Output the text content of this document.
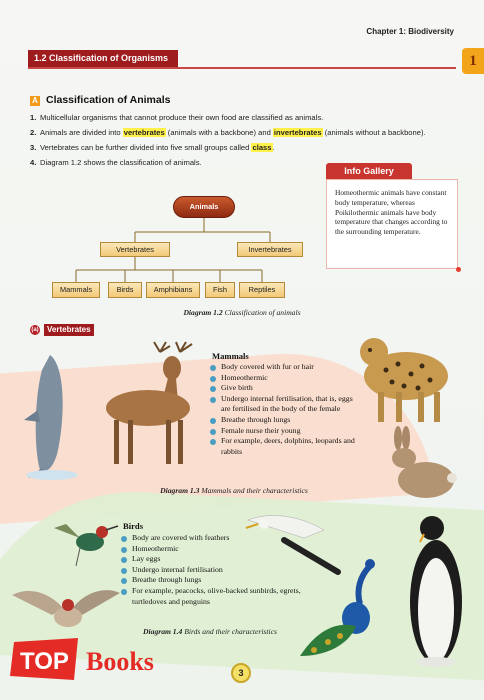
Chapter 1: Biodiversity
1
1.2 Classification of Organisms
A Classification of Animals
1. Multicellular organisms that cannot produce their own food are classified as animals.
2. Animals are divided into vertebrates (animals with a backbone) and invertebrates (animals without a backbone).
3. Vertebrates can be further divided into five small groups called class.
4. Diagram 1.2 shows the classification of animals.
Info Gallery
Homeothermic animals have constant body temperature, whereas Poikilothermic animals have body temperature that changes according to the surrounding temperature.
Animals
Vertebrates	Invertebrates
Mammals	Birds	Amphibians	Fish	Reptiles
Diagram 1.2 Classification of animals
(a)	Vertebrates
Mammals
Body covered with fur or hair
Homeothermic
Give birth
Undergo internal fertilisation, that is, eggs are fertilised in the body of the female
Breathe through lungs
Female nurse their young
For example, deers, dolphins, leopards and rabbits
Diagram 1.3 Mammals and their characteristics
Birds
Body are covered with feathers
Homeothermic
Lay eggs
Undergo internal fertilisation
Breathe through lungs
For example, peacocks, olive-backed sunbirds, egrets, turtledoves and penguins
Diagram 1.4 Birds and their characteristics
TOP Books	3
